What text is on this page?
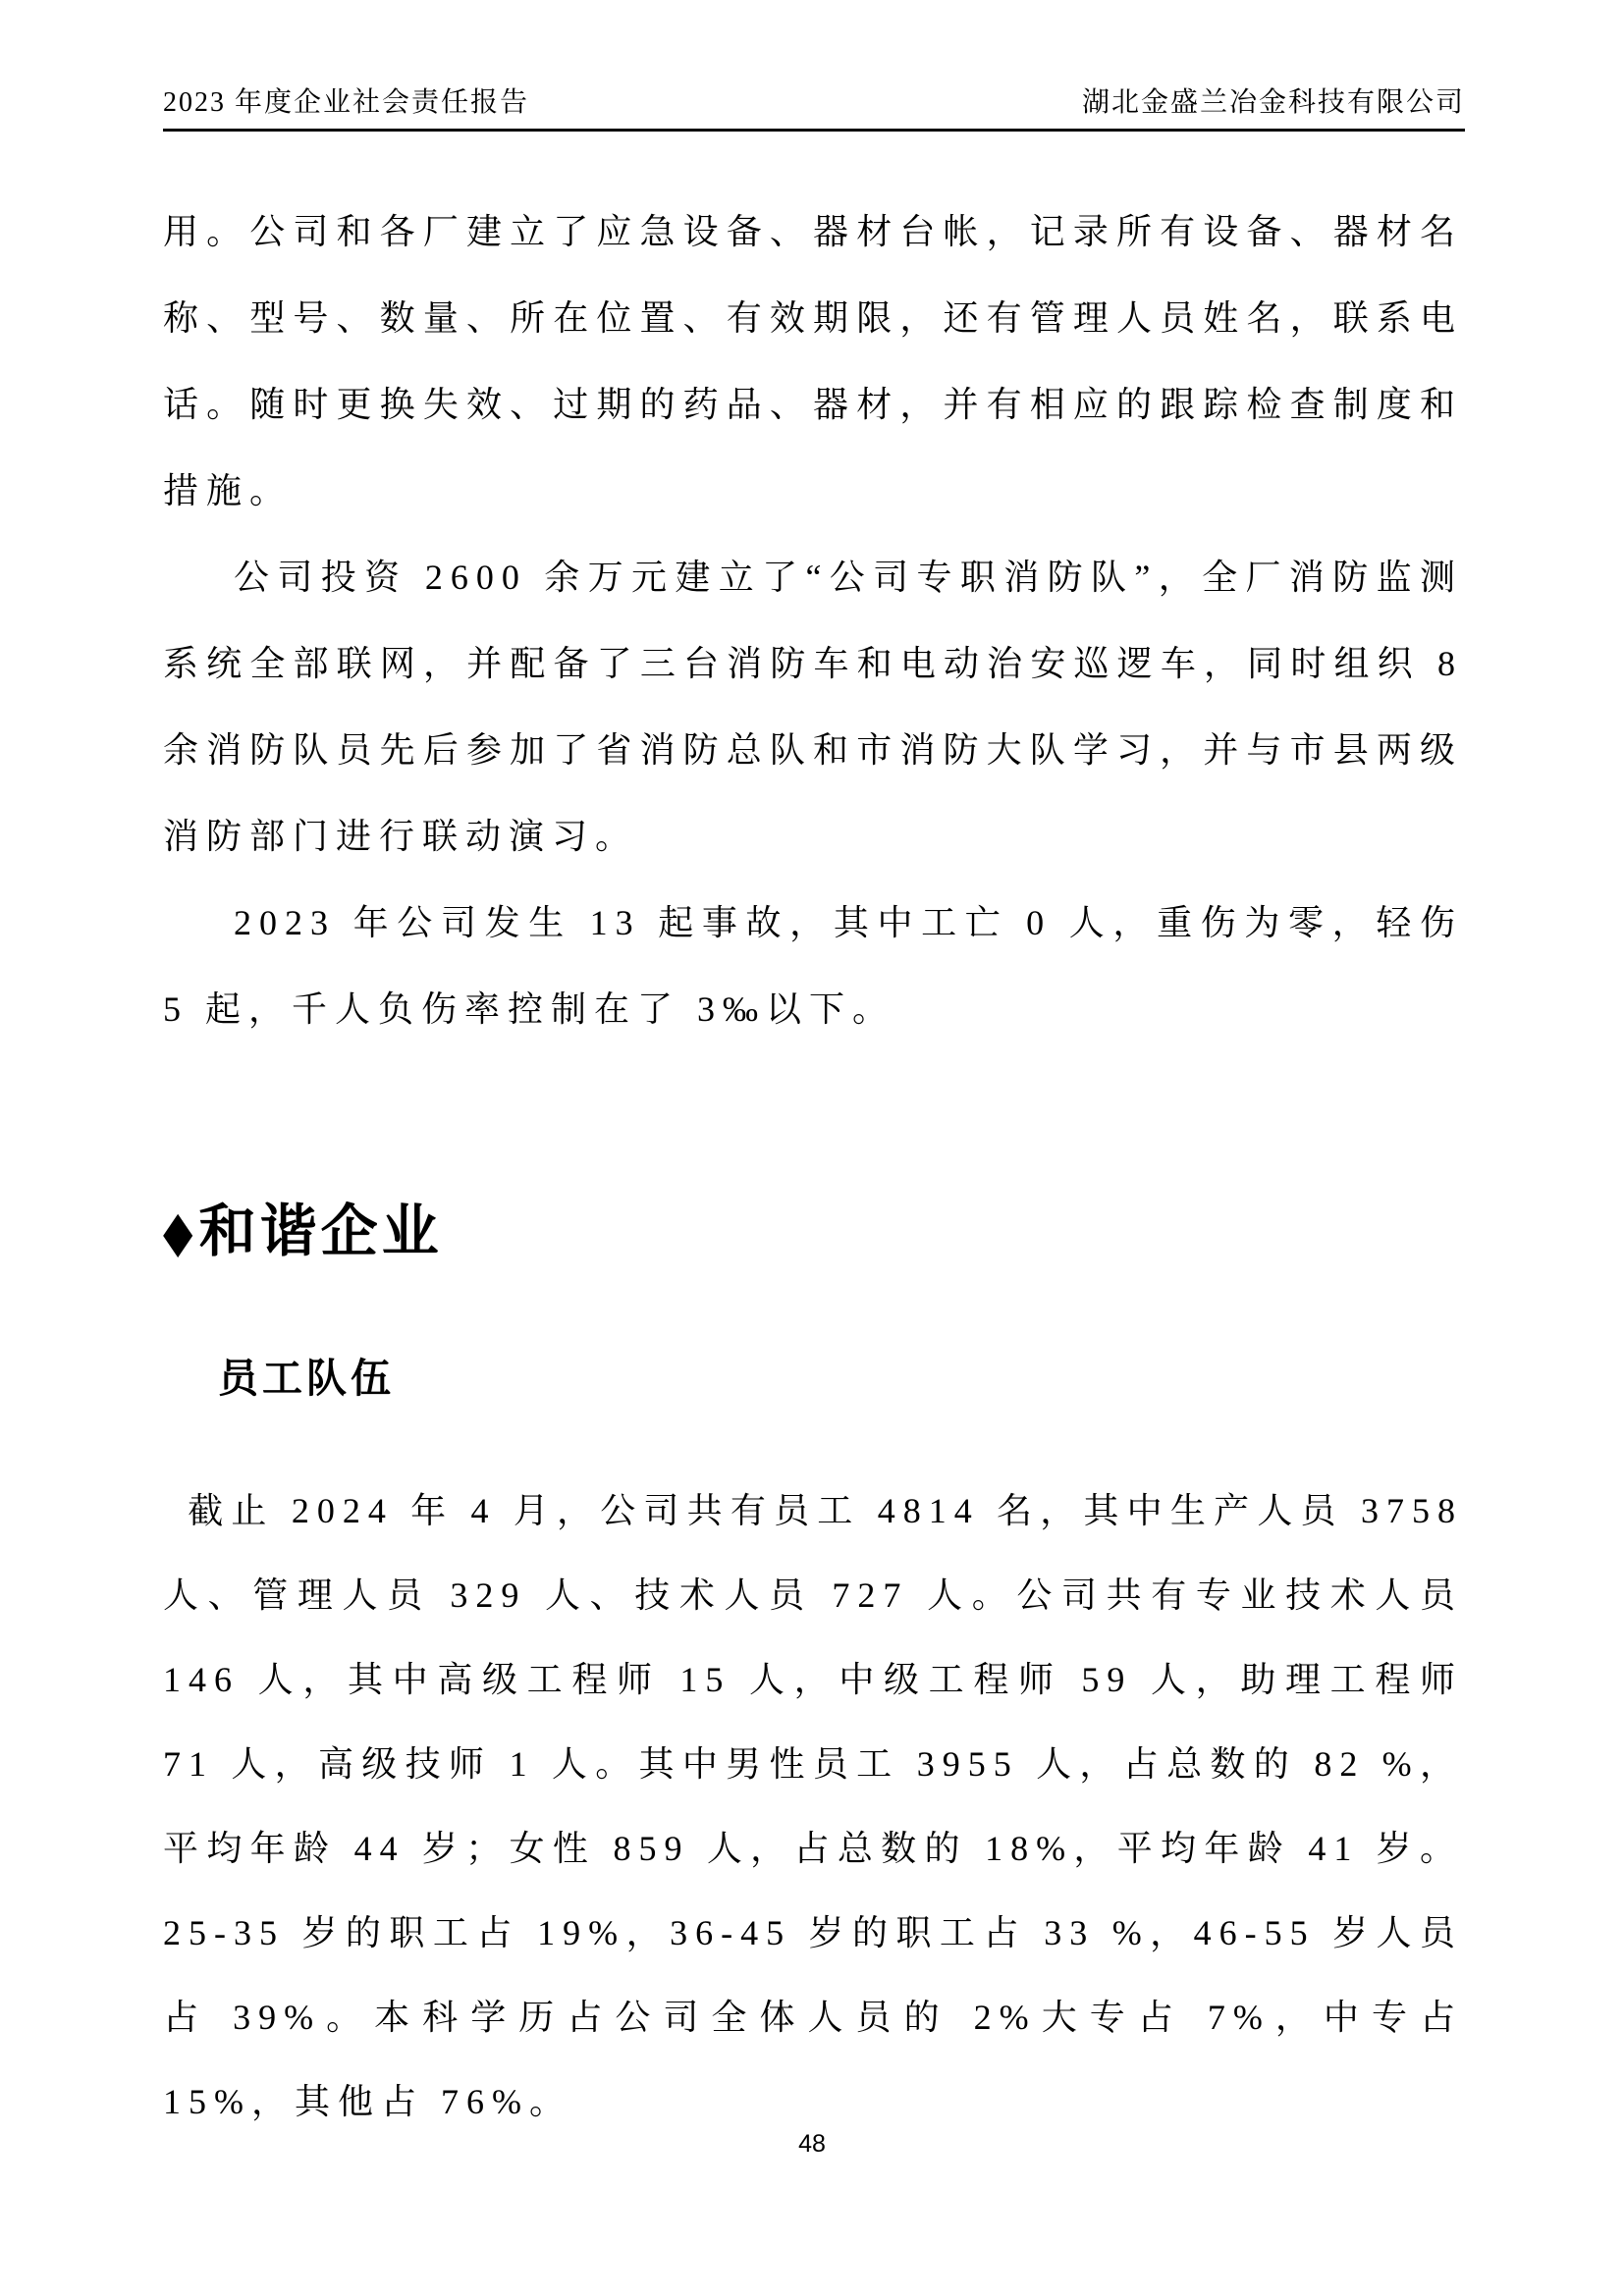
2023 年度企业社会责任报告	湖北金盛兰冶金科技有限公司

用。公司和各厂建立了应急设备、器材台帐，记录所有设备、器材名称、型号、数量、所在位置、有效期限，还有管理人员姓名，联系电话。随时更换失效、过期的药品、器材，并有相应的跟踪检查制度和措施。

公司投资 2600 余万元建立了“公司专职消防队”，全厂消防监测系统全部联网，并配备了三台消防车和电动治安巡逻车，同时组织 8 余消防队员先后参加了省消防总队和市消防大队学习，并与市县两级消防部门进行联动演习。

2023 年公司发生 13 起事故，其中工亡 0 人，重伤为零，轻伤 5 起，千人负伤率控制在了 3‰以下。

◆和谐企业
员工队伍

截止 2024 年 4 月，公司共有员工 4814 名，其中生产人员 3758 人、管理人员 329 人、技术人员 727 人。公司共有专业技术人员 146 人，其中高级工程师 15 人，中级工程师 59 人，助理工程师 71 人，高级技师 1 人。其中男性员工 3955 人，占总数的 82 %，平均年龄 44 岁；女性 859 人，占总数的 18%，平均年龄 41 岁。25-35 岁的职工占 19%，36-45 岁的职工占 33 %，46-55 岁人员占 39%。本科学历占公司全体人员的 2%大专占 7%，中专占 15%，其他占 76%。

48
